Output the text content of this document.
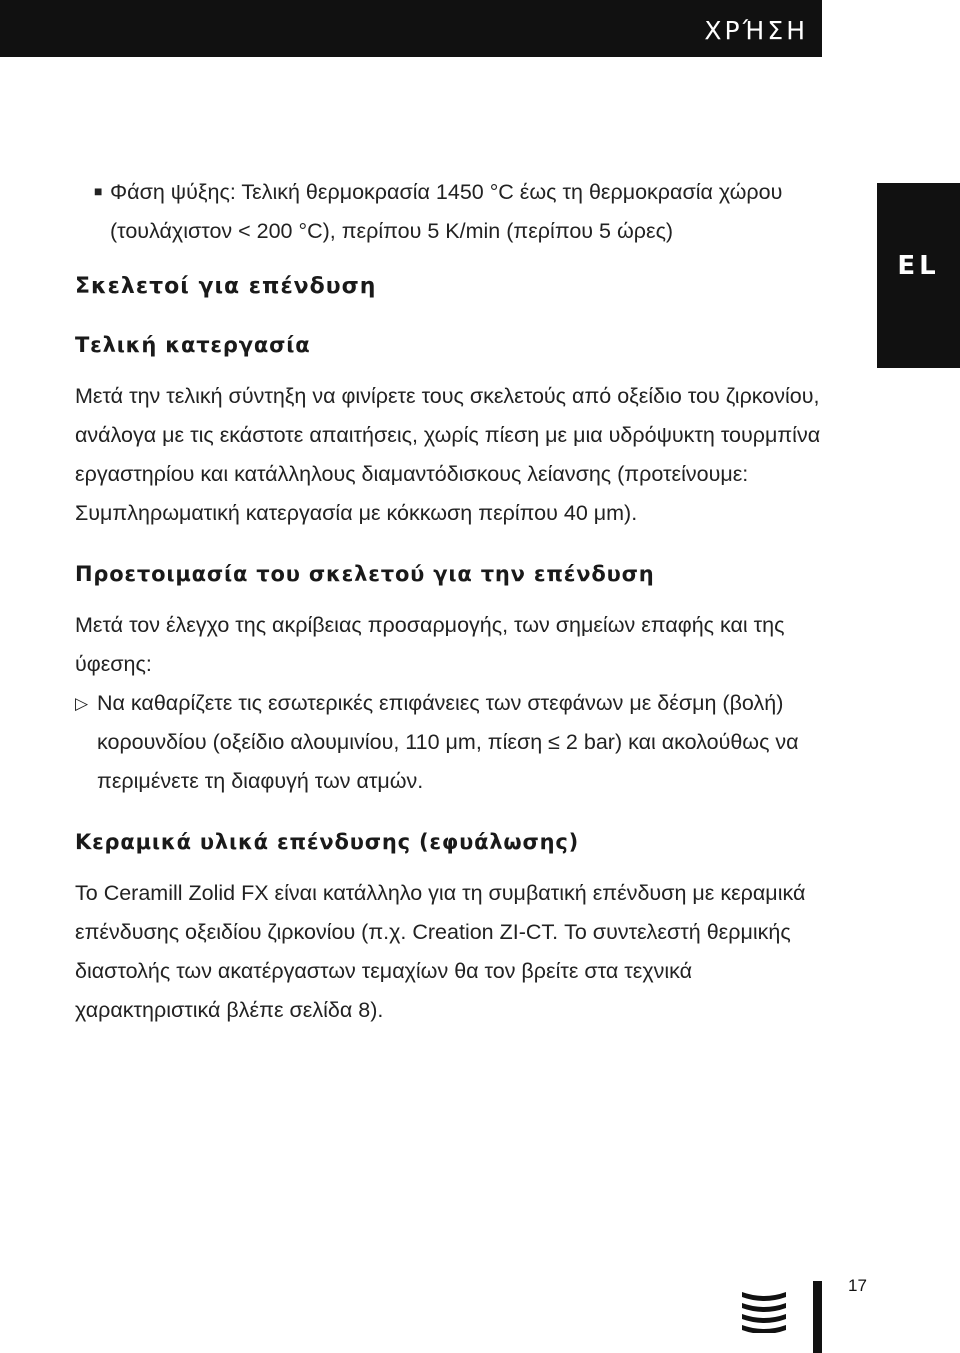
ΧΡΉΣΗ
EL

■ Φάση ψύξης: Τελική θερμοκρασία 1450 °C έως τη θερμοκρασία χώρου (τουλάχιστον < 200 °C), περίπου 5 K/min (περίπου 5 ώρες)

Σκελετοί για επένδυση
Τελική κατεργασία

Μετά την τελική σύντηξη να φινίρετε τους σκελετούς από οξείδιο του ζιρκονίου, ανάλογα με τις εκάστοτε απαιτήσεις, χωρίς πίεση με μια υδρόψυκτη τουρμπίνα εργαστηρίου και κατάλληλους διαμαντόδισκους λείανσης (προτείνουμε: Συμπληρωματική κατεργασία με κόκκωση περίπου 40 μm).

Προετοιμασία του σκελετού για την επένδυση

Μετά τον έλεγχο της ακρίβειας προσαρμογής, των σημείων επαφής και της ύφεσης:

▷ Να καθαρίζετε τις εσωτερικές επιφάνειες των στεφάνων με δέσμη (βολή) κορουνδίου (οξείδιο αλουμινίου, 110 μm, πίεση ≤ 2 bar) και ακολούθως να περιμένετε τη διαφυγή των ατμών.

Κεραμικά υλικά επένδυσης (εφυάλωσης)

Το Ceramill Zolid FX είναι κατάλληλο για τη συμβατική επένδυση με κεραμικά επένδυσης οξειδίου ζιρκονίου (π.χ. Creation ZI-CT. Το συντελεστή θερμικής διαστολής των ακατέργαστων τεμαχίων θα τον βρείτε στα τεχνικά χαρακτηριστικά βλέπε σελίδα 8).

17
